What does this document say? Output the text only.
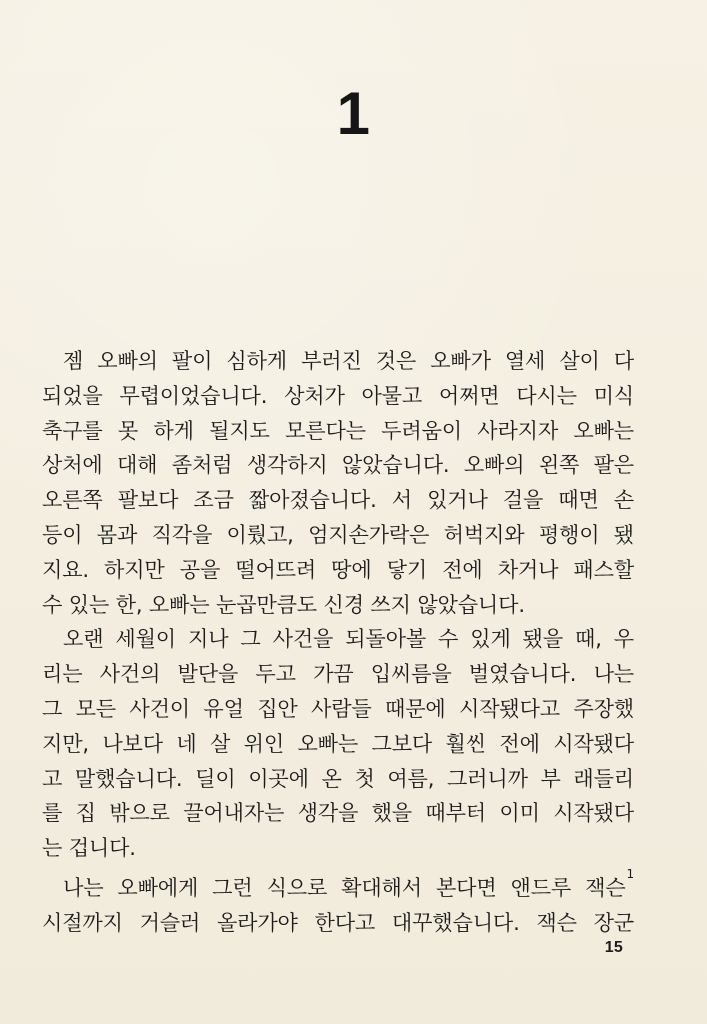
1
젬 오빠의 팔이 심하게 부러진 것은 오빠가 열세 살이 다
되었을 무렵이었습니다. 상처가 아물고 어쩌면 다시는 미식
축구를 못 하게 될지도 모른다는 두려움이 사라지자 오빠는
상처에 대해 좀처럼 생각하지 않았습니다. 오빠의 왼쪽 팔은
오른쪽 팔보다 조금 짧아졌습니다. 서 있거나 걸을 때면 손
등이 몸과 직각을 이뤘고, 엄지손가락은 허벅지와 평행이 됐
지요. 하지만 공을 떨어뜨려 땅에 닿기 전에 차거나 패스할
수 있는 한, 오빠는 눈곱만큼도 신경 쓰지 않았습니다.
오랜 세월이 지나 그 사건을 되돌아볼 수 있게 됐을 때, 우
리는 사건의 발단을 두고 가끔 입씨름을 벌였습니다. 나는
그 모든 사건이 유얼 집안 사람들 때문에 시작됐다고 주장했
지만, 나보다 네 살 위인 오빠는 그보다 훨씬 전에 시작됐다
고 말했습니다. 딜이 이곳에 온 첫 여름, 그러니까 부 래들리
를 집 밖으로 끌어내자는 생각을 했을 때부터 이미 시작됐다
는 겁니다.
나는 오빠에게 그런 식으로 확대해서 본다면 앤드루 잭슨$^1$
시절까지 거슬러 올라가야 한다고 대꾸했습니다. 잭슨 장군
15
